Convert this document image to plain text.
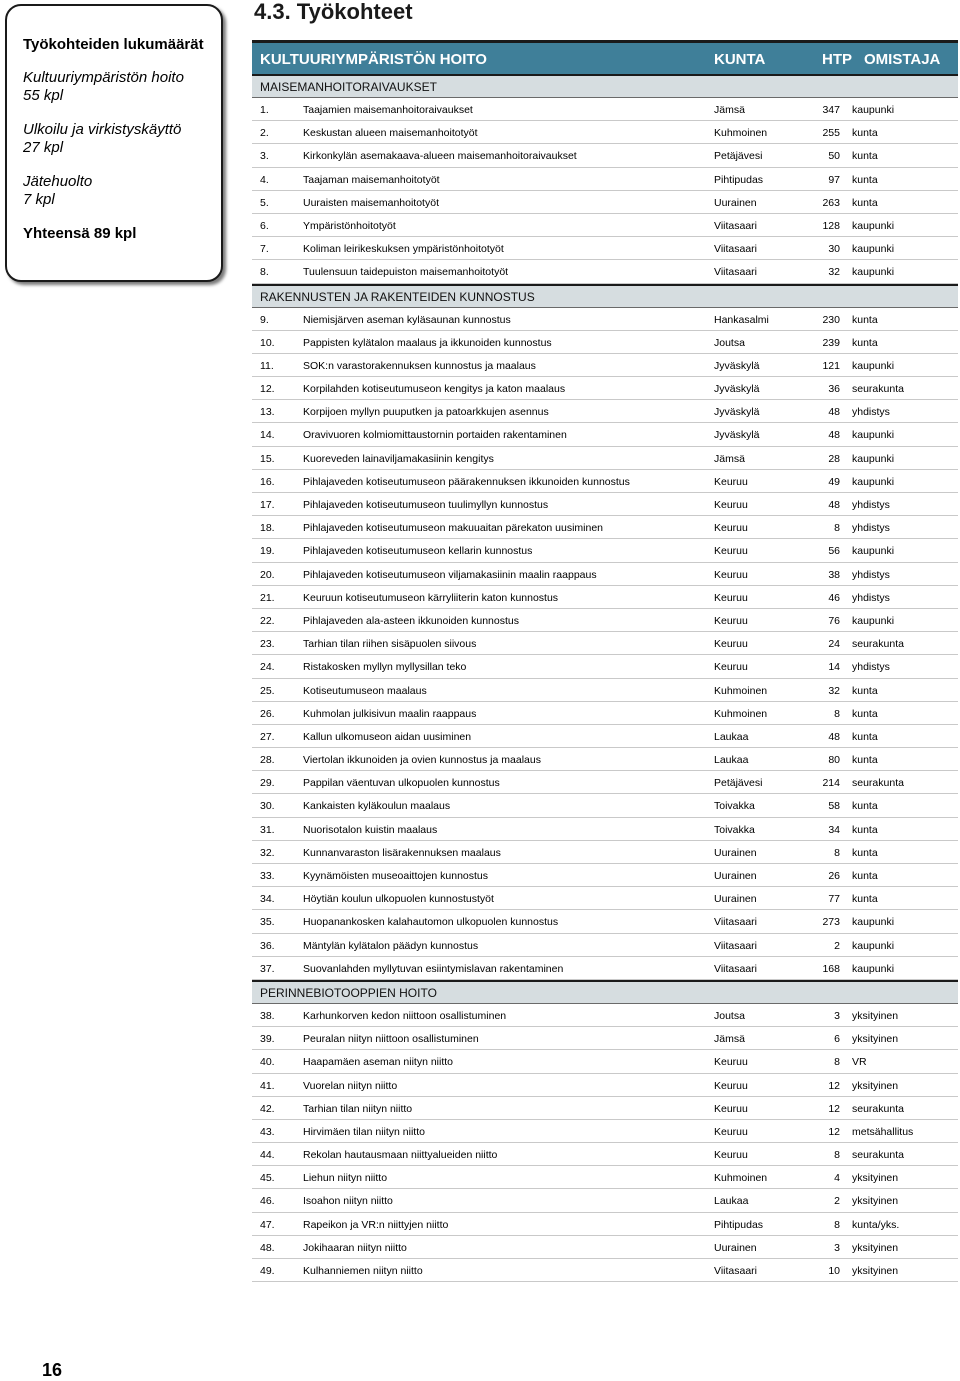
Työkohteiden lukumäärät
Kultuuriympäristön hoito
55 kpl
Ulkoilu ja virkistyskäyttö
27 kpl
Jätehuolto
7 kpl
Yhteensä 89 kpl
4.3. Työkohteet
KULTUURIYMPÄRISTÖN HOITO	KUNTA	HTP OMISTAJA
MAISEMANHOITORAIVAUKSET
1.	Taajamien maisemanhoitoraivaukset	Jämsä	347 kaupunki
2.	Keskustan alueen maisemanhoitotyöt	Kuhmoinen	255 kunta
3.	Kirkonkylän asemakaava-alueen maisemanhoitoraivaukset	Petäjävesi	50 kunta
4.	Taajaman maisemanhoitotyöt	Pihtipudas	97 kunta
5.	Uuraisten maisemanhoitotyöt	Uurainen	263 kunta
6.	Ympäristönhoitotyöt	Viitasaari	128 kaupunki
7.	Koliman leirikeskuksen ympäristönhoitotyöt	Viitasaari	30 kaupunki
8.	Tuulensuun taidepuiston maisemanhoitotyöt	Viitasaari	32 kaupunki
RAKENNUSTEN JA RAKENTEIDEN KUNNOSTUS
9.	Niemisjärven aseman kyläsaunan kunnostus	Hankasalmi	230 kunta
10.	Pappisten kylätalon maalaus ja ikkunoiden kunnostus	Joutsa	239 kunta
11.	SOK:n varastorakennuksen kunnostus ja maalaus	Jyväskylä	121 kaupunki
12.	Korpilahden kotiseutumuseon kengitys ja katon maalaus	Jyväskylä	36 seurakunta
13.	Korpijoen myllyn puuputken ja patoarkkujen asennus	Jyväskylä	48 yhdistys
14.	Oravivuoren kolmiomittaustornin portaiden rakentaminen	Jyväskylä	48 kaupunki
15.	Kuoreveden lainaviljamakasiinin kengitys	Jämsä	28 kaupunki
16.	Pihlajaveden kotiseutumuseon päärakennuksen ikkunoiden kunnostus	Keuruu	49 kaupunki
17.	Pihlajaveden kotiseutumuseon tuulimyllyn kunnostus	Keuruu	48 yhdistys
18.	Pihlajaveden kotiseutumuseon makuuaitan pärekaton uusiminen	Keuruu	8 yhdistys
19.	Pihlajaveden kotiseutumuseon kellarin kunnostus	Keuruu	56 kaupunki
20.	Pihlajaveden kotiseutumuseon viljamakasiinin maalin raappaus	Keuruu	38 yhdistys
21.	Keuruun kotiseutumuseon kärryliiterin katon kunnostus	Keuruu	46 yhdistys
22.	Pihlajaveden ala-asteen ikkunoiden kunnostus	Keuruu	76 kaupunki
23.	Tarhian tilan riihen sisäpuolen siivous	Keuruu	24 seurakunta
24.	Ristakosken myllyn myllysillan teko	Keuruu	14 yhdistys
25.	Kotiseutumuseon maalaus	Kuhmoinen	32 kunta
26.	Kuhmolan julkisivun maalin raappaus	Kuhmoinen	8 kunta
27.	Kallun ulkomuseon aidan uusiminen	Laukaa	48 kunta
28.	Viertolan ikkunoiden ja ovien kunnostus ja maalaus	Laukaa	80 kunta
29.	Pappilan väentuvan ulkopuolen kunnostus	Petäjävesi	214 seurakunta
30.	Kankaisten kyläkoulun maalaus	Toivakka	58 kunta
31.	Nuorisotalon kuistin maalaus	Toivakka	34 kunta
32.	Kunnanvaraston lisärakennuksen maalaus	Uurainen	8 kunta
33.	Kyynämöisten museoaittojen kunnostus	Uurainen	26 kunta
34.	Höytiän koulun ulkopuolen kunnostustyöt	Uurainen	77 kunta
35.	Huopanankosken kalahautomon ulkopuolen kunnostus	Viitasaari	273 kaupunki
36.	Mäntylän kylätalon päädyn kunnostus	Viitasaari	2 kaupunki
37.	Suovanlahden myllytuvan esiintymislavan rakentaminen	Viitasaari	168 kaupunki
PERINNEBIOTOOPPIEN HOITO
38.	Karhunkorven kedon niittoon osallistuminen	Joutsa	3 yksityinen
39.	Peuralan niityn niittoon osallistuminen	Jämsä	6 yksityinen
40.	Haapamäen aseman niityn niitto	Keuruu	8 VR
41.	Vuorelan niityn niitto	Keuruu	12 yksityinen
42.	Tarhian tilan niityn niitto	Keuruu	12 seurakunta
43.	Hirvimäen tilan niityn niitto	Keuruu	12 metsähallitus
44.	Rekolan hautausmaan niittyalueiden niitto	Keuruu	8 seurakunta
45.	Liehun niityn niitto	Kuhmoinen	4 yksityinen
46.	Isoahon niityn niitto	Laukaa	2 yksityinen
47.	Rapeikon ja VR:n niittyjen niitto	Pihtipudas	8 kunta/yks.
48.	Jokihaaran niityn niitto	Uurainen	3 yksityinen
49.	Kulhanniemen niityn niitto	Viitasaari	10 yksityinen
16
